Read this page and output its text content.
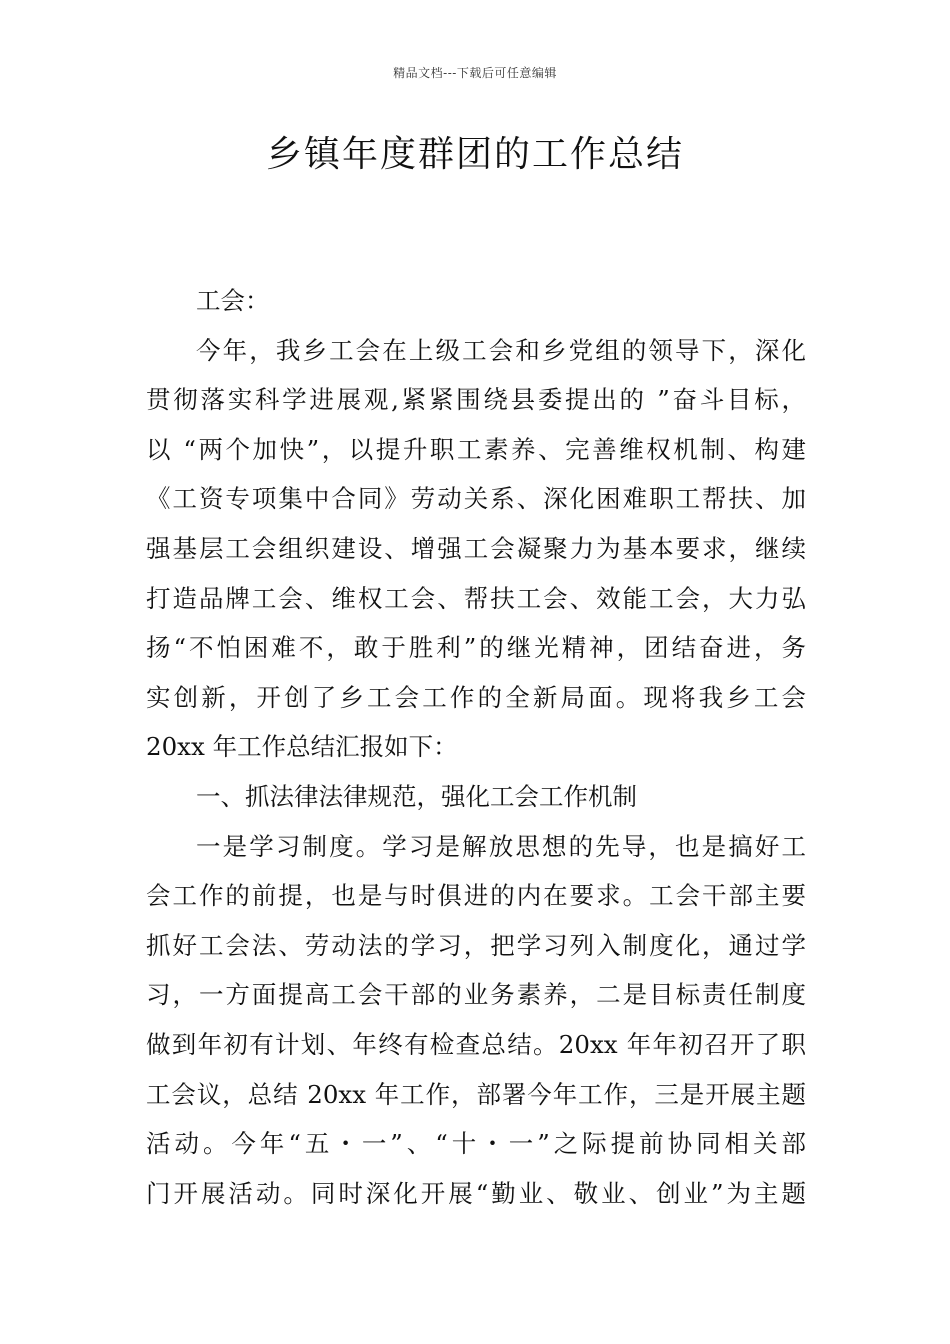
精品文档---下载后可任意编辑
乡镇年度群团的工作总结
工会：
今年，我乡工会在上级工会和乡党组的领导下，深化
贯彻落实科学进展观,紧紧围绕县委提出的 ”奋斗目标，
以 “两个加快”，以提升职工素养、完善维权机制、构建
《工资专项集中合同》劳动关系、深化困难职工帮扶、加
强基层工会组织建设、增强工会凝聚力为基本要求，继续
打造品牌工会、维权工会、帮扶工会、效能工会，大力弘
扬“不怕困难不，敢于胜利”的继光精神，团结奋进，务
实创新，开创了乡工会工作的全新局面。现将我乡工会
20xx 年工作总结汇报如下：
一、抓法律法律规范，强化工会工作机制
一是学习制度。学习是解放思想的先导，也是搞好工
会工作的前提，也是与时俱进的内在要求。工会干部主要
抓好工会法、劳动法的学习，把学习列入制度化，通过学
习，一方面提高工会干部的业务素养，二是目标责任制度
做到年初有计划、年终有检查总结。20xx 年年初召开了职
工会议，总结 20xx 年工作，部署今年工作，三是开展主题
活动。今年“五・一”、“十・一”之际提前协同相关部
门开展活动。同时深化开展“勤业、敬业、创业”为主题
